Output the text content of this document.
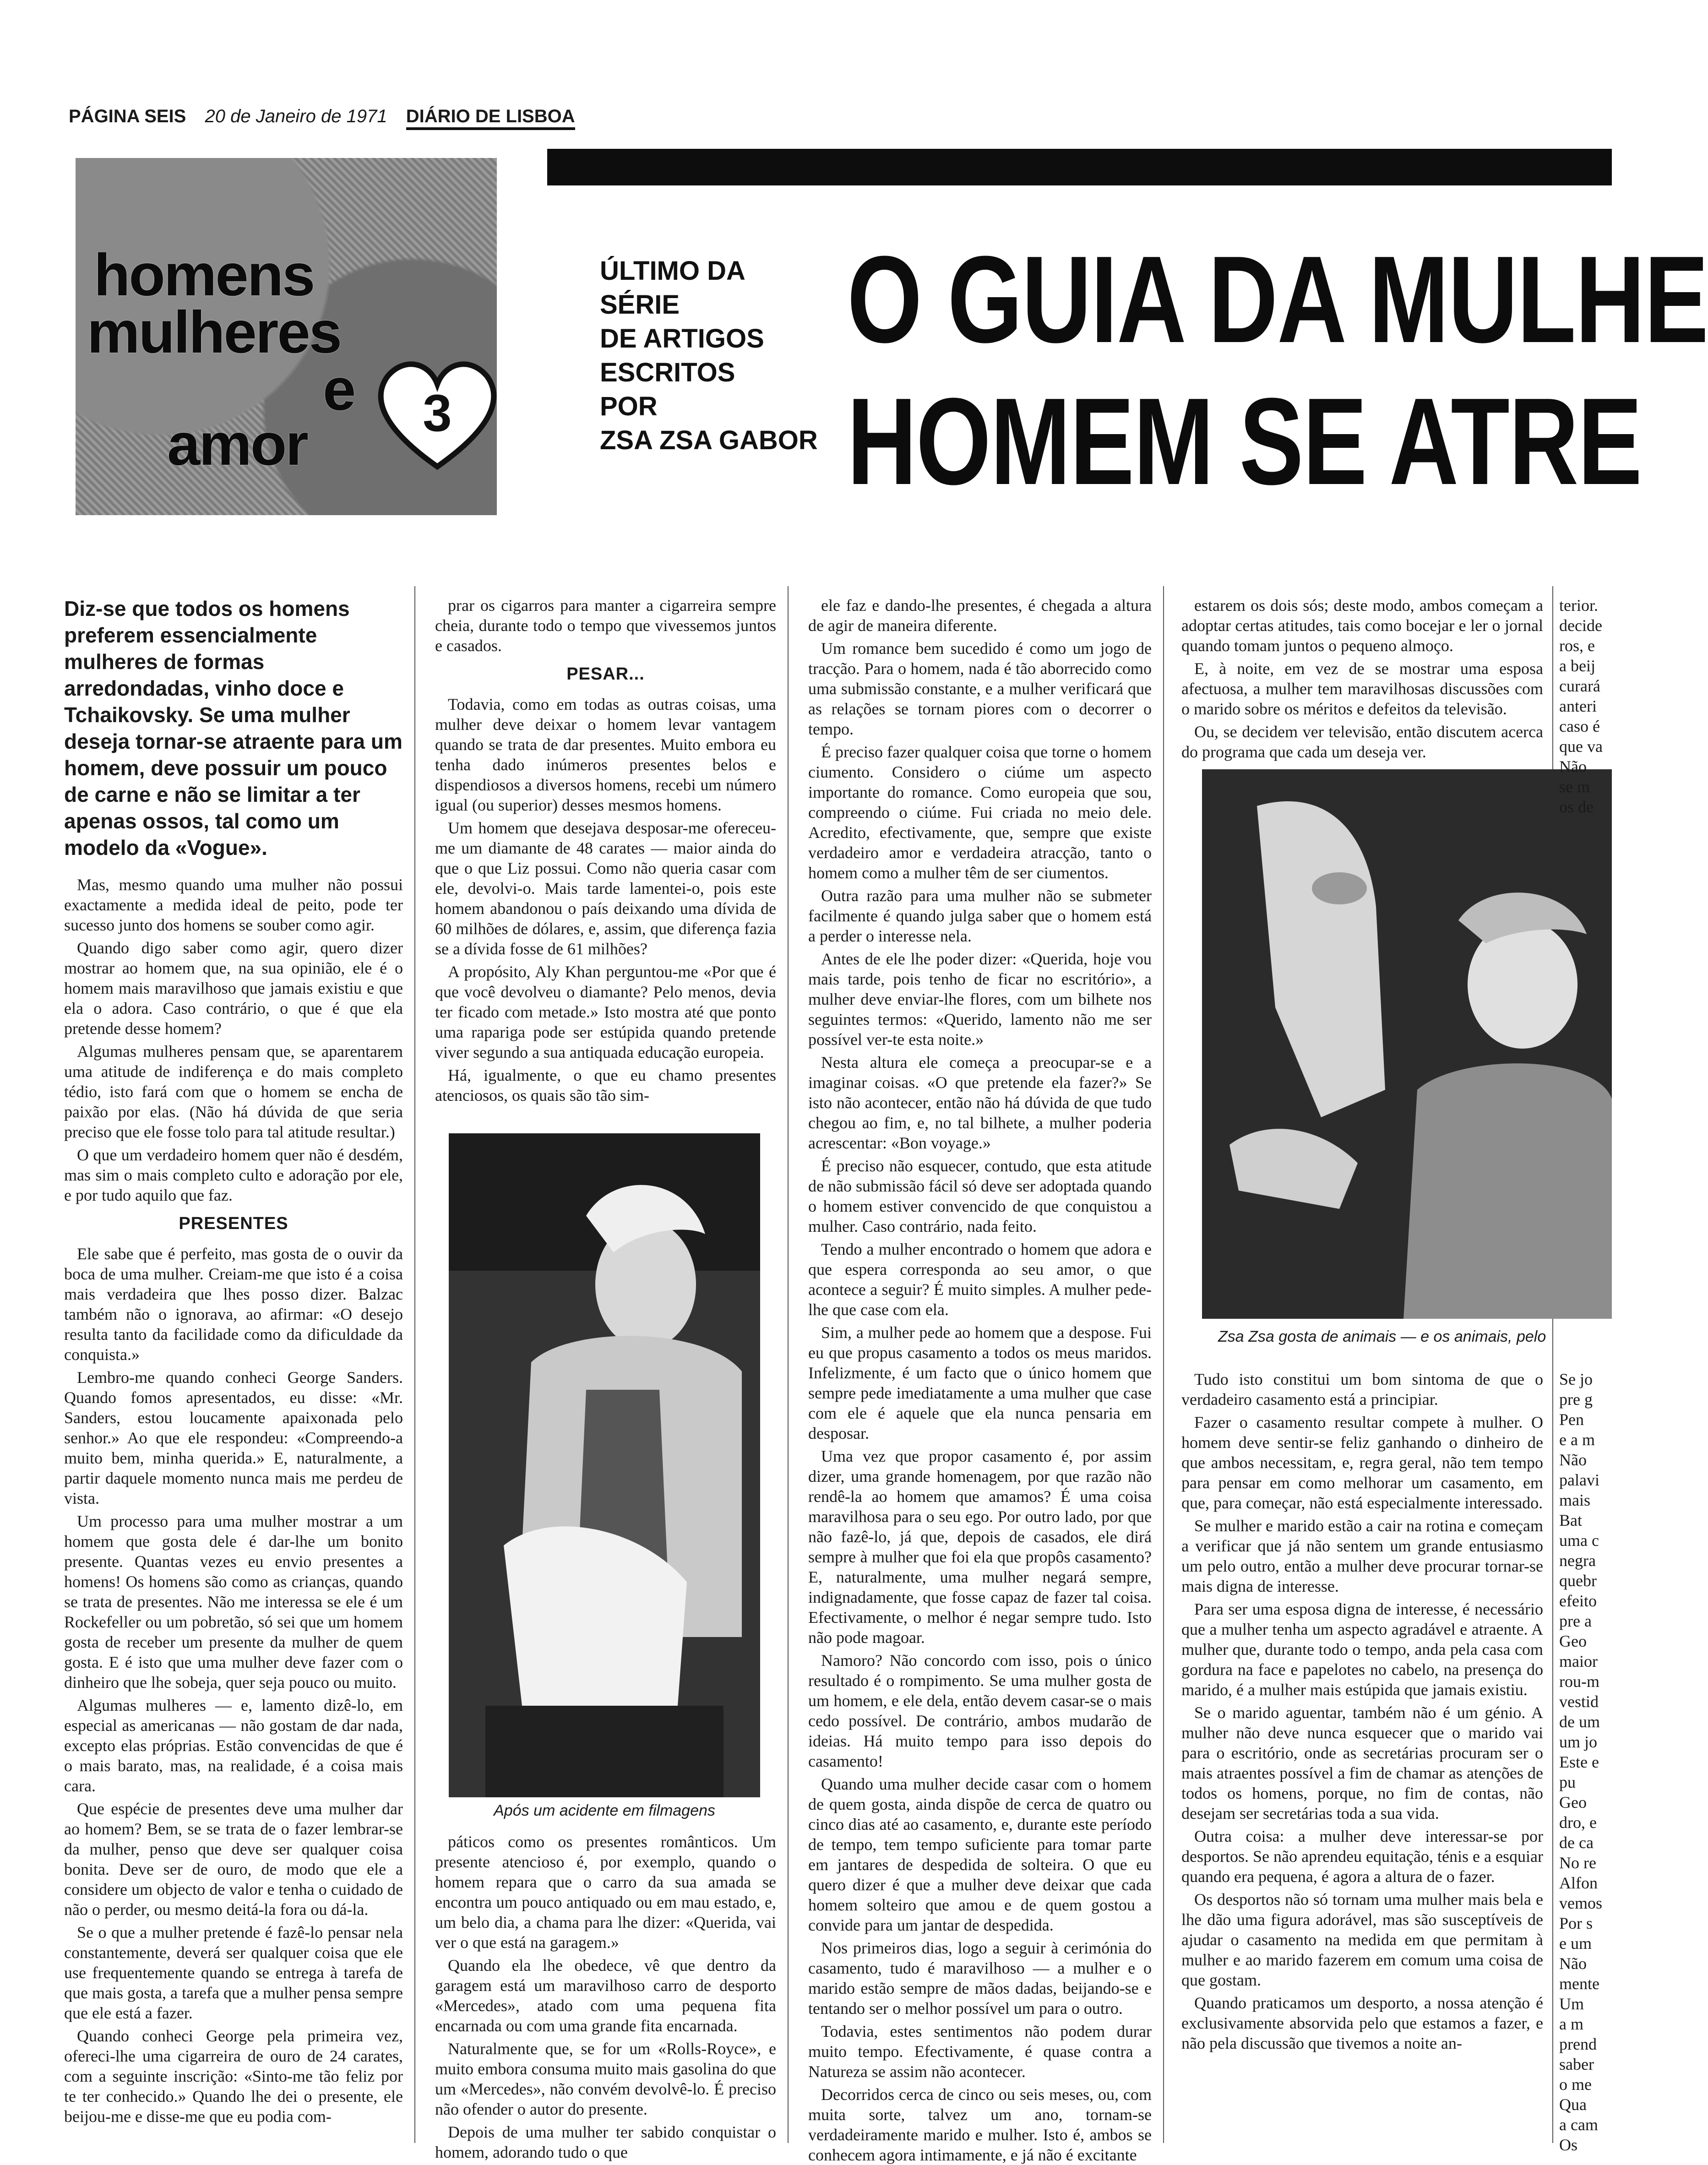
PÁGINA SEIS 20 de Janeiro de 1971 DIÁRIO DE LISBOA
homens
mulheres
e
amor	3
ÚLTIMO DA
SÉRIE
DE ARTIGOS
ESCRITOS
POR
ZSA ZSA GABOR
O GUIA DA MULHE
HOMEM SE ATRE
Diz-se que todos os homens preferem essencialmente mulheres de formas arredondadas, vinho doce e Tchaikovsky. Se uma mulher deseja tornar-se atraente para um homem, deve possuir um pouco de carne e não se limitar a ter apenas ossos, tal como um modelo da «Vogue».

Mas, mesmo quando uma mulher não possui exactamente a medida ideal de peito, pode ter sucesso junto dos homens se souber como agir.

Quando digo saber como agir, quero dizer mostrar ao homem que, na sua opinião, ele é o homem mais maravilhoso que jamais existiu e que ela o adora. Caso contrário, o que é que ela pretende desse homem?

Algumas mulheres pensam que, se aparentarem uma atitude de indiferença e do mais completo tédio, isto fará com que o homem se encha de paixão por elas. (Não há dúvida de que seria preciso que ele fosse tolo para tal atitude resultar.)

O que um verdadeiro homem quer não é desdém, mas sim o mais completo culto e adoração por ele, e por tudo aquilo que faz.

PRESENTES

Ele sabe que é perfeito, mas gosta de o ouvir da boca de uma mulher. Creiam-me que isto é a coisa mais verdadeira que lhes posso dizer. Balzac também não o ignorava, ao afirmar: «O desejo resulta tanto da facilidade como da dificuldade da conquista.»

Lembro-me quando conheci George Sanders. Quando fomos apresentados, eu disse: «Mr. Sanders, estou loucamente apaixonada pelo senhor.» Ao que ele respondeu: «Compreendo-a muito bem, minha querida.» E, naturalmente, a partir daquele momento nunca mais me perdeu de vista.

Um processo para uma mulher mostrar a um homem que gosta dele é dar-lhe um bonito presente. Quantas vezes eu envio presentes a homens! Os homens são como as crianças, quando se trata de presentes. Não me interessa se ele é um Rockefeller ou um pobretão, só sei que um homem gosta de receber um presente da mulher de quem gosta. E é isto que uma mulher deve fazer com o dinheiro que lhe sobeja, quer seja pouco ou muito.

Algumas mulheres — e, lamento dizê-lo, em especial as americanas — não gostam de dar nada, excepto elas próprias. Estão convencidas de que é o mais barato, mas, na realidade, é a coisa mais cara.

Que espécie de presentes deve uma mulher dar ao homem? Bem, se se trata de o fazer lembrar-se da mulher, penso que deve ser qualquer coisa bonita. Deve ser de ouro, de modo que ele a considere um objecto de valor e tenha o cuidado de não o perder, ou mesmo deitá-la fora ou dá-la.

Se o que a mulher pretende é fazê-lo pensar nela constantemente, deverá ser qualquer coisa que ele use frequentemente quando se entrega à tarefa de que mais gosta, a tarefa que a mulher pensa sempre que ele está a fazer.

Quando conheci George pela primeira vez, ofereci-lhe uma cigarreira de ouro de 24 carates, com a seguinte inscrição: «Sinto-me tão feliz por te ter conhecido.» Quando lhe dei o presente, ele beijou-me e disse-me que eu podia com-

prar os cigarros para manter a cigarreira sempre cheia, durante todo o tempo que vivessemos juntos e casados.

PESAR...

Todavia, como em todas as outras coisas, uma mulher deve deixar o homem levar vantagem quando se trata de dar presentes. Muito embora eu tenha dado inúmeros presentes belos e dispendiosos a diversos homens, recebi um número igual (ou superior) desses mesmos homens.

Um homem que desejava desposar-me ofereceu-me um diamante de 48 carates — maior ainda do que o que Liz possui. Como não queria casar com ele, devolvi-o. Mais tarde lamentei-o, pois este homem abandonou o país deixando uma dívida de 60 milhões de dólares, e, assim, que diferença fazia se a dívida fosse de 61 milhões?

A propósito, Aly Khan perguntou-me «Por que é que você devolveu o diamante? Pelo menos, devia ter ficado com metade.» Isto mostra até que ponto uma rapariga pode ser estúpida quando pretende viver segundo a sua antiquada educação europeia.

Há, igualmente, o que eu chamo presentes atenciosos, os quais são tão sim-

Após um acidente em filmagens

páticos como os presentes românticos. Um presente atencioso é, por exemplo, quando o homem repara que o carro da sua amada se encontra um pouco antiquado ou em mau estado, e, um belo dia, a chama para lhe dizer: «Querida, vai ver o que está na garagem.»

Quando ela lhe obedece, vê que dentro da garagem está um maravilhoso carro de desporto «Mercedes», atado com uma pequena fita encarnada ou com uma grande fita encarnada.

Naturalmente que, se for um «Rolls-Royce», e muito embora consuma muito mais gasolina do que um «Mercedes», não convém devolvê-lo. É preciso não ofender o autor do presente.

Depois de uma mulher ter sabido conquistar o homem, adorando tudo o que

ele faz e dando-lhe presentes, é chegada a altura de agir de maneira diferente.

Um romance bem sucedido é como um jogo de tracção. Para o homem, nada é tão aborrecido como uma submissão constante, e a mulher verificará que as relações se tornam piores com o decorrer o tempo.

É preciso fazer qualquer coisa que torne o homem ciumento. Considero o ciúme um aspecto importante do romance. Como europeia que sou, compreendo o ciúme. Fui criada no meio dele. Acredito, efectivamente, que, sempre que existe verdadeiro amor e verdadeira atracção, tanto o homem como a mulher têm de ser ciumentos.

Outra razão para uma mulher não se submeter facilmente é quando julga saber que o homem está a perder o interesse nela.

Antes de ele lhe poder dizer: «Querida, hoje vou mais tarde, pois tenho de ficar no escritório», a mulher deve enviar-lhe flores, com um bilhete nos seguintes termos: «Querido, lamento não me ser possível ver-te esta noite.»

Nesta altura ele começa a preocupar-se e a imaginar coisas. «O que pretende ela fazer?» Se isto não acontecer, então não há dúvida de que tudo chegou ao fim, e, no tal bilhete, a mulher poderia acrescentar: «Bon voyage.»

É preciso não esquecer, contudo, que esta atitude de não submissão fácil só deve ser adoptada quando o homem estiver convencido de que conquistou a mulher. Caso contrário, nada feito.

Tendo a mulher encontrado o homem que adora e que espera corresponda ao seu amor, o que acontece a seguir? É muito simples. A mulher pede-lhe que case com ela.

Sim, a mulher pede ao homem que a despose. Fui eu que propus casamento a todos os meus maridos. Infelizmente, é um facto que o único homem que sempre pede imediatamente a uma mulher que case com ele é aquele que ela nunca pensaria em desposar.

Uma vez que propor casamento é, por assim dizer, uma grande homenagem, por que razão não rendê-la ao homem que amamos? É uma coisa maravilhosa para o seu ego. Por outro lado, por que não fazê-lo, já que, depois de casados, ele dirá sempre à mulher que foi ela que propôs casamento? E, naturalmente, uma mulher negará sempre, indignadamente, que fosse capaz de fazer tal coisa. Efectivamente, o melhor é negar sempre tudo. Isto não pode magoar.

Namoro? Não concordo com isso, pois o único resultado é o rompimento. Se uma mulher gosta de um homem, e ele dela, então devem casar-se o mais cedo possível. De contrário, ambos mudarão de ideias. Há muito tempo para isso depois do casamento!

Quando uma mulher decide casar com o homem de quem gosta, ainda dispõe de cerca de quatro ou cinco dias até ao casamento, e, durante este período de tempo, tem tempo suficiente para tomar parte em jantares de despedida de solteira. O que eu quero dizer é que a mulher deve deixar que cada homem solteiro que amou e de quem gostou a convide para um jantar de despedida.

Nos primeiros dias, logo a seguir à cerimónia do casamento, tudo é maravilhoso — a mulher e o marido estão sempre de mãos dadas, beijando-se e tentando ser o melhor possível um para o outro.

Todavia, estes sentimentos não podem durar muito tempo. Efectivamente, é quase contra a Natureza se assim não acontecer.

Decorridos cerca de cinco ou seis meses, ou, com muita sorte, talvez um ano, tornam-se verdadeiramente marido e mulher. Isto é, ambos se conhecem agora intimamente, e já não é excitante

estarem os dois sós; deste modo, ambos começam a adoptar certas atitudes, tais como bocejar e ler o jornal quando tomam juntos o pequeno almoço.

E, à noite, em vez de se mostrar uma esposa afectuosa, a mulher tem maravilhosas discussões com o marido sobre os méritos e defeitos da televisão.

Ou, se decidem ver televisão, então discutem acerca do programa que cada um deseja ver.

Zsa Zsa gosta de animais — e os animais, pelo

Tudo isto constitui um bom sintoma de que o verdadeiro casamento está a principiar.

Fazer o casamento resultar compete à mulher. O homem deve sentir-se feliz ganhando o dinheiro de que ambos necessitam, e, regra geral, não tem tempo para pensar em como melhorar um casamento, em que, para começar, não está especialmente interessado.

Se mulher e marido estão a cair na rotina e começam a verificar que já não sentem um grande entusiasmo um pelo outro, então a mulher deve procurar tornar-se mais digna de interesse.

Para ser uma esposa digna de interesse, é necessário que a mulher tenha um aspecto agradável e atraente. A mulher que, durante todo o tempo, anda pela casa com gordura na face e papelotes no cabelo, na presença do marido, é a mulher mais estúpida que jamais existiu.

Se o marido aguentar, também não é um génio. A mulher não deve nunca esquecer que o marido vai para o escritório, onde as secretárias procuram ser o mais atraentes possível a fim de chamar as atenções de todos os homens, porque, no fim de contas, não desejam ser secretárias toda a sua vida.

Outra coisa: a mulher deve interessar-se por desportos. Se não aprendeu equitação, ténis e a esquiar quando era pequena, é agora a altura de o fazer.

Os desportos não só tornam uma mulher mais bela e lhe dão uma figura adorável, mas são susceptíveis de ajudar o casamento na medida em que permitam à mulher e ao marido fazerem em comum uma coisa de que gostam.

Quando praticamos um desporto, a nossa atenção é exclusivamente absorvida pelo que estamos a fazer, e não pela discussão que tivemos a noite an-

terior.
decide
ros, e
a beij
curará
anteri
caso é
que va
Não
se m
os de
Se jo
pre g
Pen
e a m
Não
palavi
mais
Bat
uma c
negra
quebr
efeito
pre a
Geo
maior
rou-m
vestid
de um
um jo
Este e
pu
Geo
dro, e
de ca
No re
Alfon
vemos
Por s
e um
Não
mente
Um
a m
prend
saber
o me
Qua
a cam
Os
